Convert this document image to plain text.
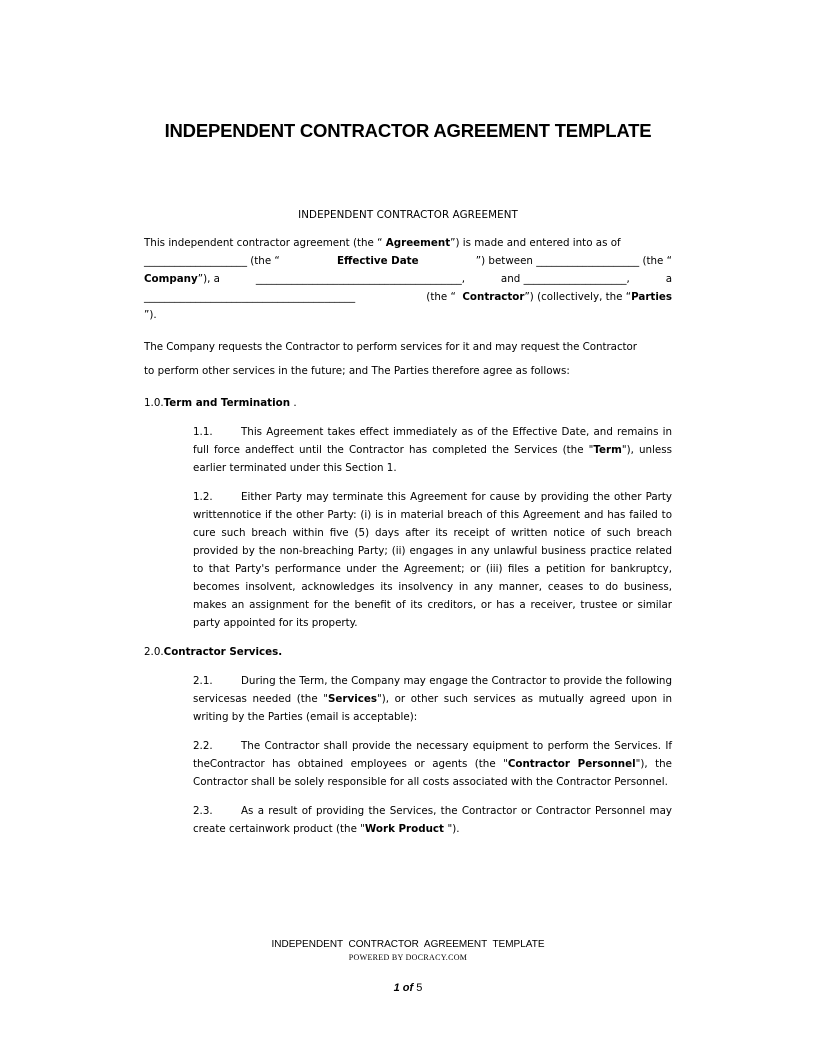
INDEPENDENT CONTRACTOR AGREEMENT TEMPLATE

INDEPENDENT CONTRACTOR AGREEMENT

This independent contractor agreement (the “ Agreement”) is made and entered into as of
____________________ (the “	Effective Date	”) between ____________________ (the “
Company”), a	________________________________________,	and ____________________,	a
_________________________________________	(the “ Contractor”) (collectively, the “Parties
”).
The Company requests the Contractor to perform services for it and may request the Contractor
to perform other services in the future; and The Parties therefore agree as follows:

1.0.Term and Termination .

1.1.	This Agreement takes effect immediately as of the Effective Date, and remains in full force andeffect until the Contractor has completed the Services (the "Term"), unless earlier terminated under this Section 1.

1.2.	Either Party may terminate this Agreement for cause by providing the other Party writtennotice if the other Party: (i) is in material breach of this Agreement and has failed to cure such breach within five (5) days after its receipt of written notice of such breach provided by the non-breaching Party; (ii) engages in any unlawful business practice related to that Party's performance under the Agreement; or (iii) files a petition for bankruptcy, becomes insolvent, acknowledges its insolvency in any manner, ceases to do business, makes an assignment for the benefit of its creditors, or has a receiver, trustee or similar party appointed for its property.

2.0.Contractor Services.

2.1.	During the Term, the Company may engage the Contractor to provide the following servicesas needed (the "Services"), or other such services as mutually agreed upon in writing by the Parties (email is acceptable):

2.2.	The Contractor shall provide the necessary equipment to perform the Services. If theContractor has obtained employees or agents (the "Contractor Personnel"), the Contractor shall be solely responsible for all costs associated with the Contractor Personnel.

2.3.	As a result of providing the Services, the Contractor or Contractor Personnel may create certainwork product (the "Work Product ").

INDEPENDENT  CONTRACTOR  AGREEMENT  TEMPLATE
POWERED BY DOCRACY.COM
1 of 5
